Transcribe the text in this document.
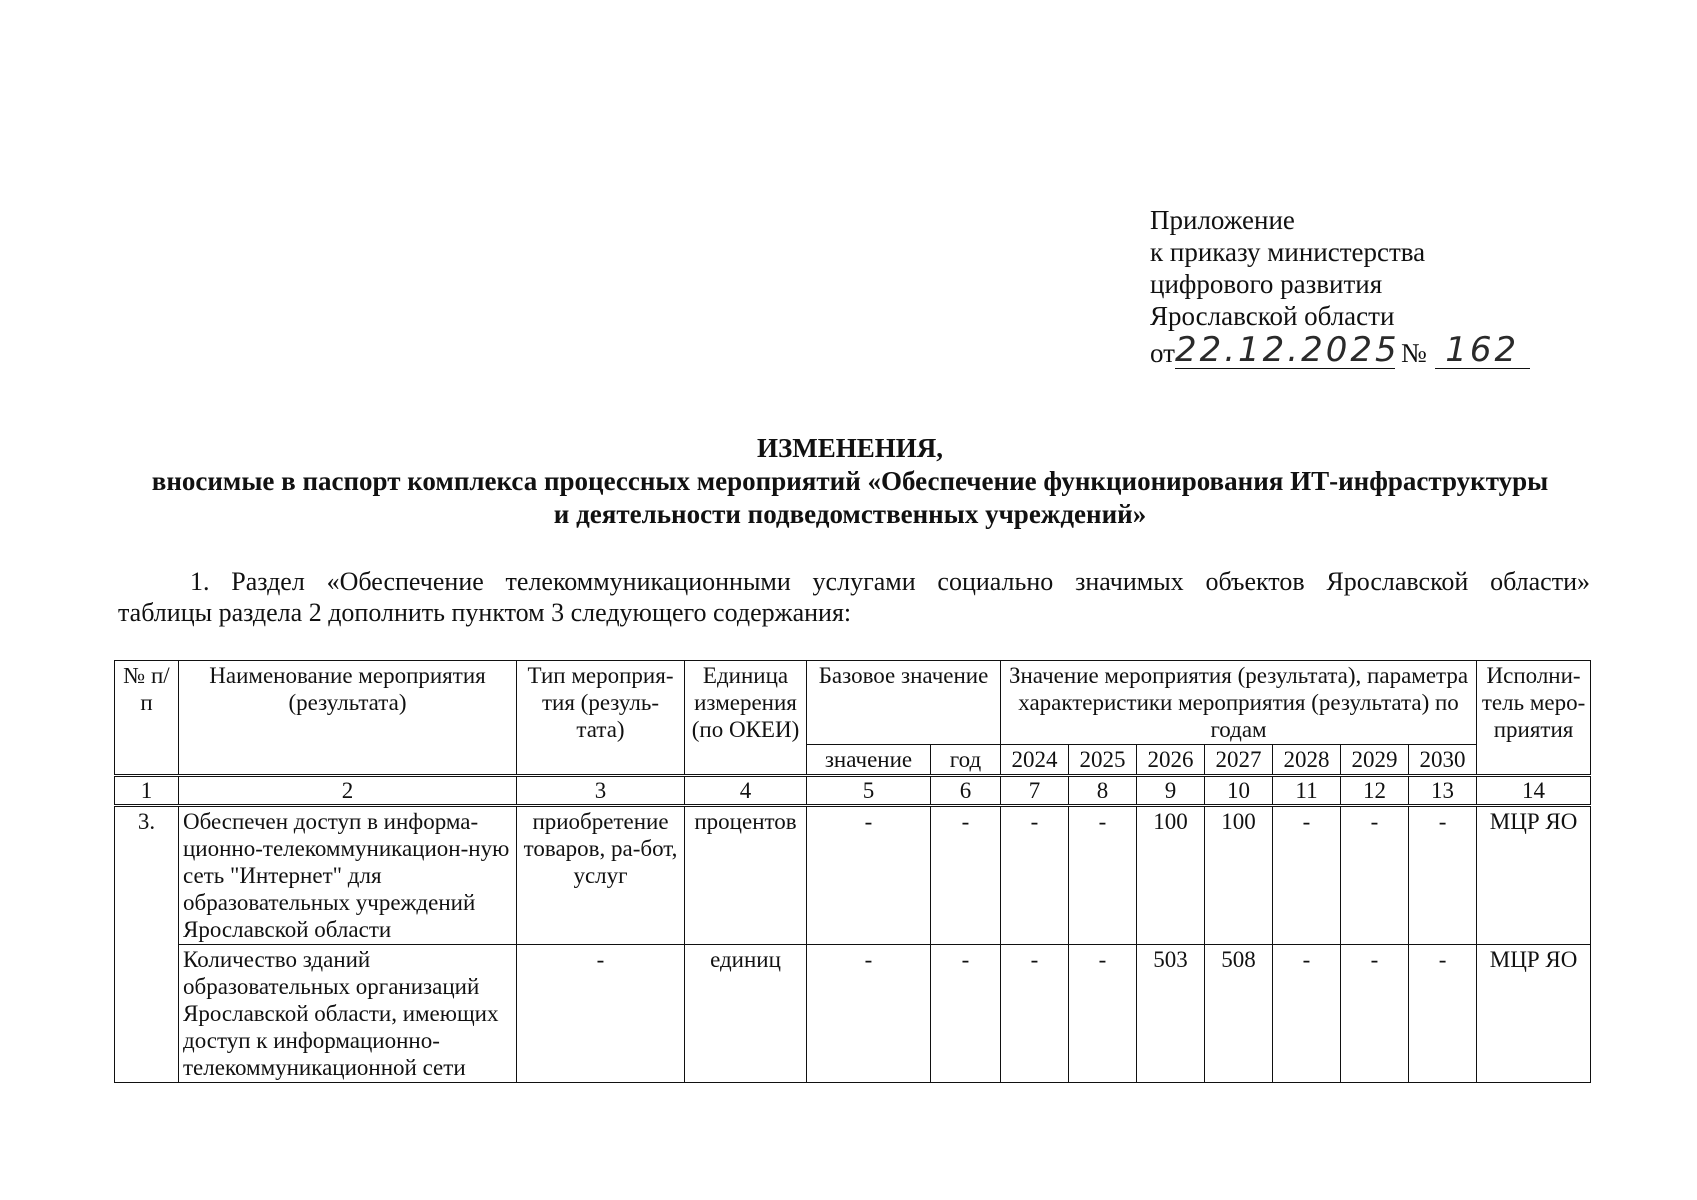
Приложение
к приказу министерства
цифрового развития
Ярославской области
от 22.12.2025 № 162
ИЗМЕНЕНИЯ,
вносимые в паспорт комплекса процессных мероприятий «Обеспечение функционирования ИТ-инфраструктуры
и деятельности подведомственных учреждений»
1. Раздел «Обеспечение телекоммуникационными услугами социально значимых объектов Ярославской области»
таблицы раздела 2 дополнить пунктом 3 следующего содержания:
№ п/п	Наименование мероприятия (результата)	Тип мероприя-тия (резуль-тата)	Единица измерения (по ОКЕИ)	Базовое значение		Значение мероприятия (результата), параметра характеристики мероприятия (результата) по годам							Исполни-тель меро-приятия
				значение	год	2024	2025	2026	2027	2028	2029	2030	
1	2	3	4	5	6	7	8	9	10	11	12	13	14
3.	Обеспечен доступ в информа-ционно-телекоммуникацион-ную сеть "Интернет" для образовательных учреждений Ярославской области	приобретение товаров, ра-бот, услуг	процентов	-	-	-	-	100	100	-	-	-	МЦР ЯО
	Количество зданий образовательных организаций Ярославской области, имеющих доступ к информационно-телекоммуникационной сети	-	единиц	-	-	-	-	503	508	-	-	-	МЦР ЯО
